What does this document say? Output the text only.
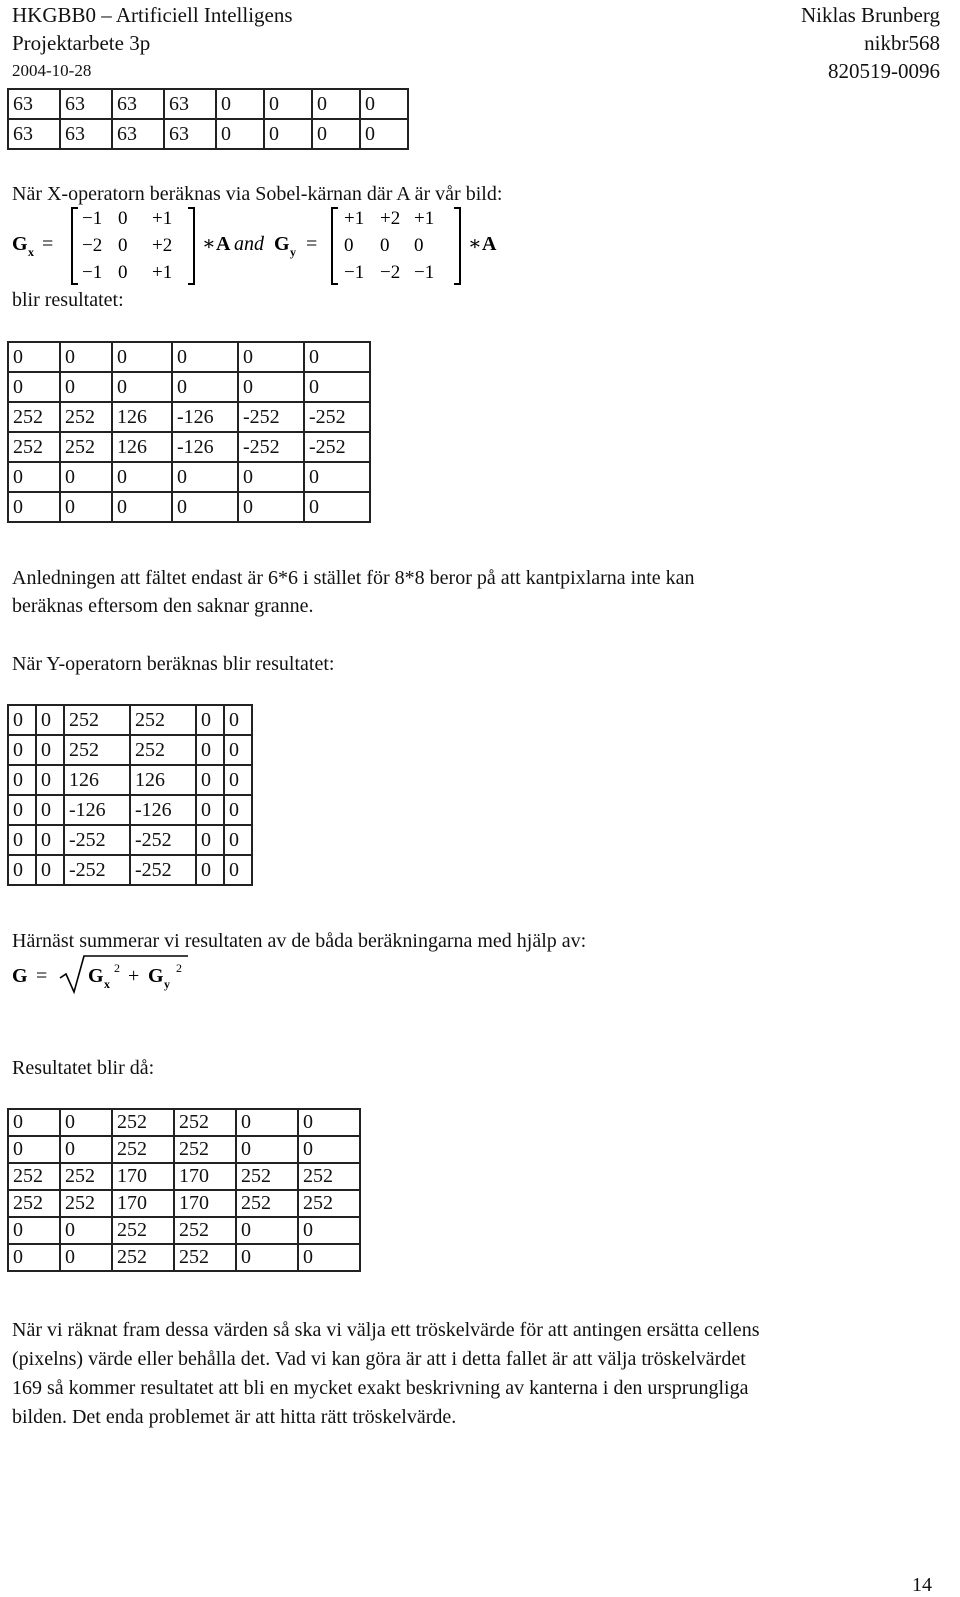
HKGBB0 – Artificiell Intelligens
Projektarbete 3p
2004-10-28
Niklas Brunberg
nikbr568
820519-0096
63	63	63	63	0	0	0	0
63	63	63	63	0	0	0	0
När X-operatorn beräknas via Sobel-kärnan där A är vår bild:
G x =
−1 0 +1
−2 0 +2
−1 0 +1
∗ A and G y =
+1 +2 +1
0 0 0
−1 −2 −1
∗ A
blir resultatet:
0	0	0	0	0	0
0	0	0	0	0	0
252	252	126	-126	-252	-252
252	252	126	-126	-252	-252
0	0	0	0	0	0
0	0	0	0	0	0
Anledningen att fältet endast är 6*6 i stället för 8*8 beror på att kantpixlarna inte kan
beräknas eftersom den saknar granne.
När Y-operatorn beräknas blir resultatet:
0	0	252	252	0	0
0	0	252	252	0	0
0	0	126	126	0	0
0	0	-126	-126	0	0
0	0	-252	-252	0	0
0	0	-252	-252	0	0
Härnäst summerar vi resultaten av de båda beräkningarna med hjälp av:
G = G x
2 + G y
2
Resultatet blir då:
0	0	252	252	0	0
0	0	252	252	0	0
252	252	170	170	252	252
252	252	170	170	252	252
0	0	252	252	0	0
0	0	252	252	0	0
När vi räknat fram dessa värden så ska vi välja ett tröskelvärde för att antingen ersätta cellens
(pixelns) värde eller behålla det. Vad vi kan göra är att i detta fallet är att välja tröskelvärdet
169 så kommer resultatet att bli en mycket exakt beskrivning av kanterna i den ursprungliga
bilden. Det enda problemet är att hitta rätt tröskelvärde.
14
